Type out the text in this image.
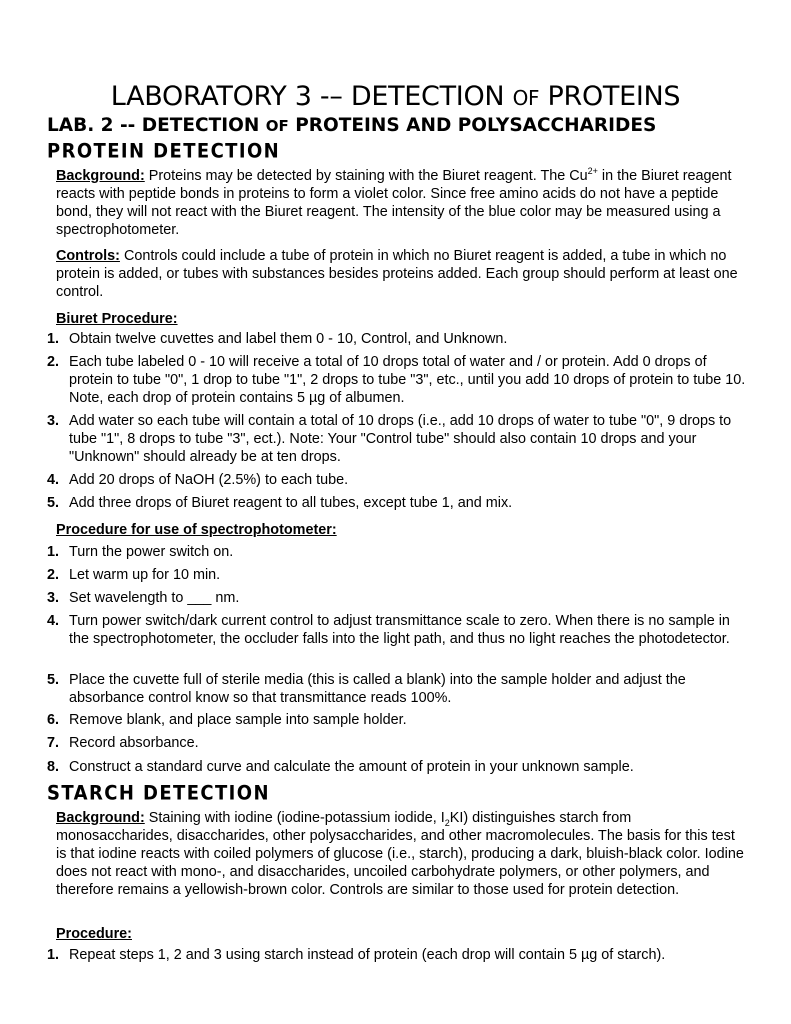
LABORATORY 3 -– DETECTION OF PROTEINS
LAB. 2 -- DETECTION OF PROTEINS AND POLYSACCHARIDES
PROTEIN DETECTION
Background: Proteins may be detected by staining with the Biuret reagent. The $Cu^{2+}$ in the Biuret reagent reacts with peptide bonds in proteins to form a violet color. Since free amino acids do not have a peptide bond, they will not react with the Biuret reagent. The intensity of the blue color may be measured using a spectrophotometer.
Controls: Controls could include a tube of protein in which no Biuret reagent is added, a tube in which no protein is added, or tubes with substances besides proteins added. Each group should perform at least one control.
Biuret Procedure:
1. Obtain twelve cuvettes and label them 0 - 10, Control, and Unknown.
2. Each tube labeled 0 - 10 will receive a total of 10 drops total of water and / or protein. Add 0 drops of protein to tube "0", 1 drop to tube "1", 2 drops to tube "3", etc., until you add 10 drops of protein to tube 10. Note, each drop of protein contains 5 µg of albumen.
3. Add water so each tube will contain a total of 10 drops (i.e., add 10 drops of water to tube "0", 9 drops to tube "1", 8 drops to tube "3", ect.). Note: Your "Control tube" should also contain 10 drops and your "Unknown" should already be at ten drops.
4. Add 20 drops of NaOH (2.5%) to each tube.
5. Add three drops of Biuret reagent to all tubes, except tube 1, and mix.
Procedure for use of spectrophotometer:
1. Turn the power switch on.
2. Let warm up for 10 min.
3. Set wavelength to ___ nm.
4. Turn power switch/dark current control to adjust transmittance scale to zero. When there is no sample in the spectrophotometer, the occluder falls into the light path, and thus no light reaches the photodetector.
5. Place the cuvette full of sterile media (this is called a blank) into the sample holder and adjust the absorbance control know so that transmittance reads 100%.
6. Remove blank, and place sample into sample holder.
7. Record absorbance.
8. Construct a standard curve and calculate the amount of protein in your unknown sample.
STARCH DETECTION
Background: Staining with iodine (iodine-potassium iodide, $I_2KI$) distinguishes starch from monosaccharides, disaccharides, other polysaccharides, and other macromolecules. The basis for this test is that iodine reacts with coiled polymers of glucose (i.e., starch), producing a dark, bluish-black color. Iodine does not react with mono-, and disaccharides, uncoiled carbohydrate polymers, or other polymers, and therefore remains a yellowish-brown color. Controls are similar to those used for protein detection.
Procedure:
1. Repeat steps 1, 2 and 3 using starch instead of protein (each drop will contain 5 µg of starch).
